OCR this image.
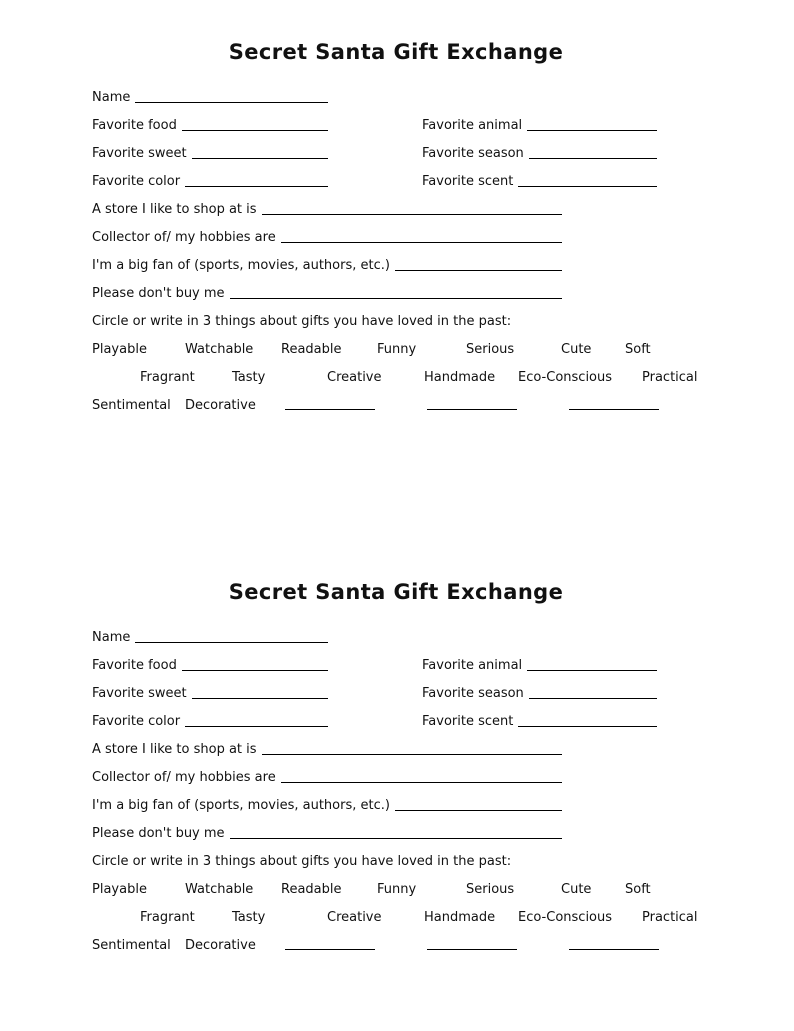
Secret Santa Gift Exchange
Name
Favorite food	Favorite animal
Favorite sweet	Favorite season
Favorite color	Favorite scent
A store I like to shop at is
Collector of/ my hobbies are
I'm a big fan of (sports, movies, authors, etc.)
Please don't buy me
Circle or write in 3 things about gifts you have loved in the past:
Playable	Watchable	Readable	Funny	Serious	Cute	Soft
Fragrant	Tasty	Creative	Handmade	Eco-Conscious	Practical
Sentimental	Decorative
Secret Santa Gift Exchange
Name
Favorite food	Favorite animal
Favorite sweet	Favorite season
Favorite color	Favorite scent
A store I like to shop at is
Collector of/ my hobbies are
I'm a big fan of (sports, movies, authors, etc.)
Please don't buy me
Circle or write in 3 things about gifts you have loved in the past:
Playable	Watchable	Readable	Funny	Serious	Cute	Soft
Fragrant	Tasty	Creative	Handmade	Eco-Conscious	Practical
Sentimental	Decorative
